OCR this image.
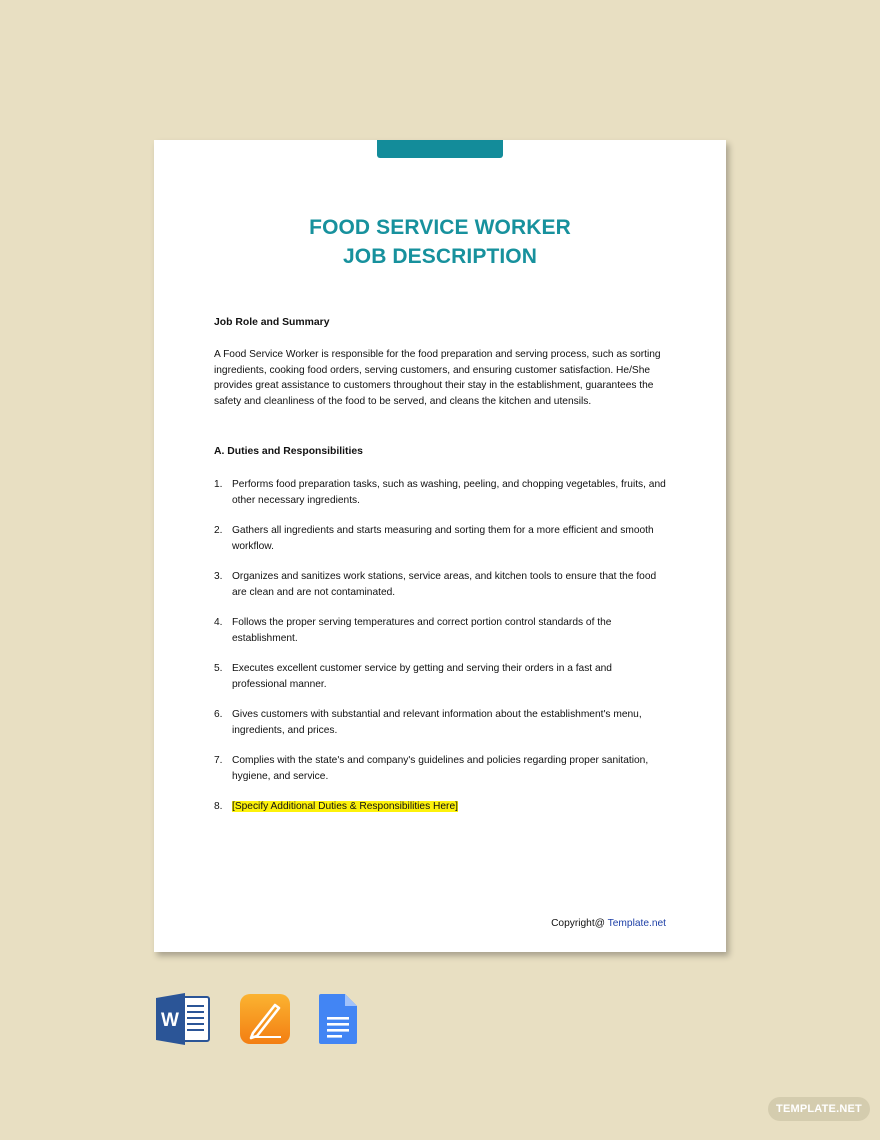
FOOD SERVICE WORKER
JOB DESCRIPTION
Job Role and Summary
A Food Service Worker is responsible for the food preparation and serving process, such as sorting ingredients, cooking food orders, serving customers, and ensuring customer satisfaction. He/She provides great assistance to customers throughout their stay in the establishment, guarantees the safety and cleanliness of the food to be served, and cleans the kitchen and utensils.
A. Duties and Responsibilities
1. Performs food preparation tasks, such as washing, peeling, and chopping vegetables, fruits, and other necessary ingredients.
2. Gathers all ingredients and starts measuring and sorting them for a more efficient and smooth workflow.
3. Organizes and sanitizes work stations, service areas, and kitchen tools to ensure that the food are clean and are not contaminated.
4. Follows the proper serving temperatures and correct portion control standards of the establishment.
5. Executes excellent customer service by getting and serving their orders in a fast and professional manner.
6. Gives customers with substantial and relevant information about the establishment's menu, ingredients, and prices.
7. Complies with the state's and company's guidelines and policies regarding proper sanitation, hygiene, and service.
8. [Specify Additional Duties & Responsibilities Here]
Copyright@ Template.net
W
TEMPLATE.NET
